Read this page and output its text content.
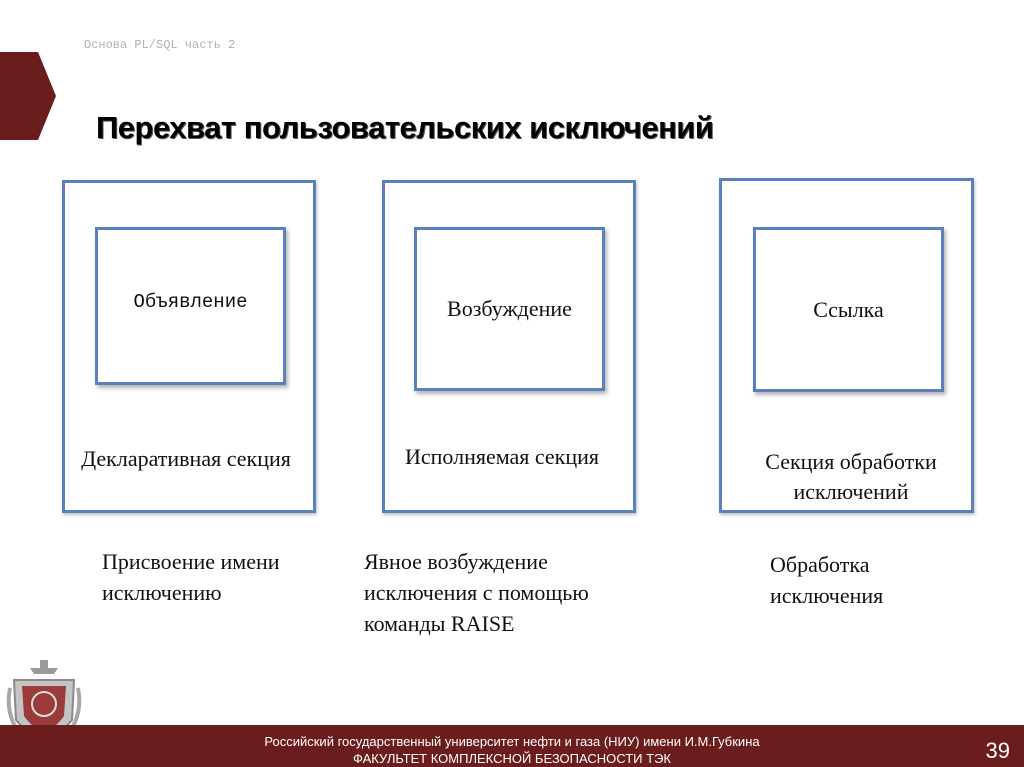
Основа PL/SQL часть 2
Перехват пользовательских исключений
Объявление
Декларативная секция
Присвоение имени исключению
Возбуждение
Исполняемая секция
Явное возбуждение исключения с помощью команды RAISE
Ссылка
Секция обработки исключений
Обработка исключения
Российский государственный университет нефти и газа (НИУ) имени И.М.Губкина
ФАКУЛЬТЕТ КОМПЛЕКСНОЙ БЕЗОПАСНОСТИ ТЭК	39
